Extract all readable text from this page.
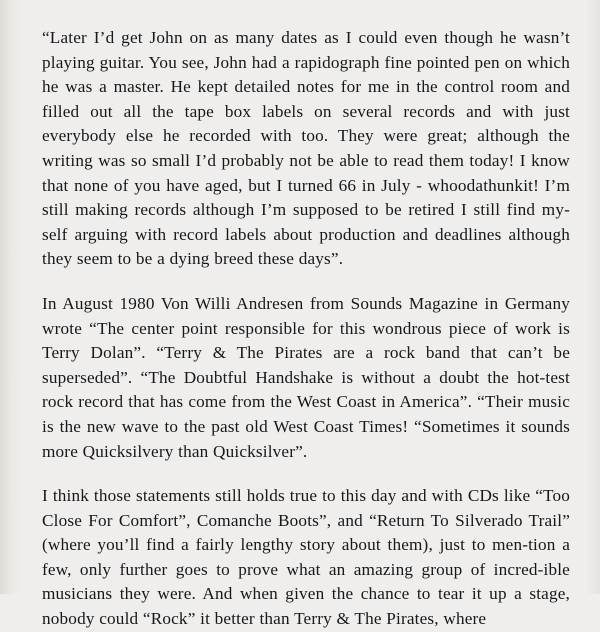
“Later I’d get John on as many dates as I could even though he wasn’t playing guitar. You see, John had a rapidograph fine pointed pen on which he was a master. He kept detailed notes for me in the control room and filled out all the tape box labels on several records and with just everybody else he recorded with too. They were great; although the writing was so small I’d probably not be able to read them today! I know that none of you have aged, but I turned 66 in July - whoodathunkit! I’m still making records although I’m supposed to be retired I still find my-self arguing with record labels about production and deadlines although they seem to be a dying breed these days”.

In August 1980 Von Willi Andresen from Sounds Magazine in Germany wrote “The center point responsible for this wondrous piece of work is Terry Dolan”. “Terry & The Pirates are a rock band that can’t be superseded”. “The Doubtful Handshake is without a doubt the hot-test rock record that has come from the West Coast in America”. “Their music is the new wave to the past old West Coast Times! “Sometimes it sounds more Quicksilvery than Quicksilver”.

I think those statements still holds true to this day and with CDs like “Too Close For Comfort”, Comanche Boots”, and “Return To Silverado Trail” (where you’ll find a fairly lengthy story about them), just to men-tion a few, only further goes to prove what an amazing group of incred-ible musicians they were. And when given the chance to tear it up a stage, nobody could “Rock” it better than Terry & The Pirates, where
